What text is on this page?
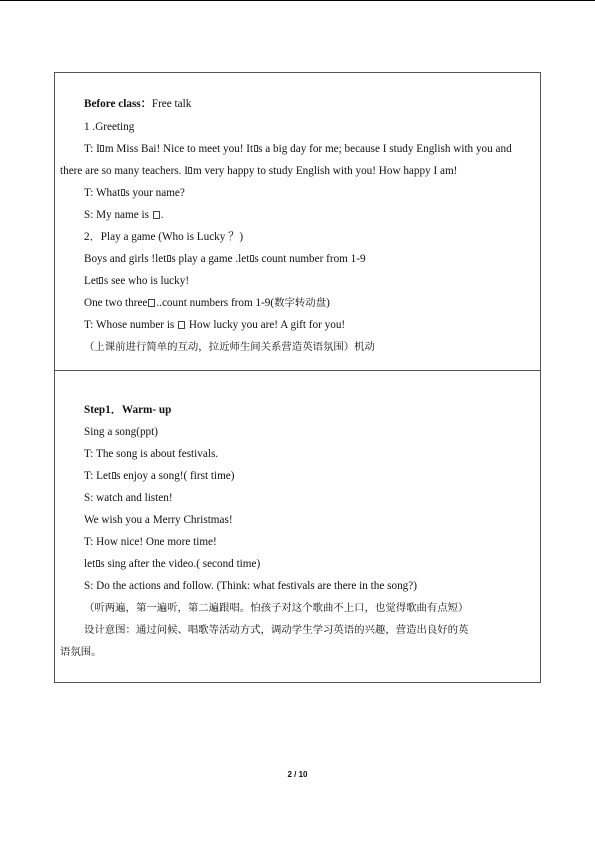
Before class：Free talk
1 .Greeting
T: I m Miss Bai! Nice to meet you! It s a big day for me; because I study English with you and
there are so many teachers. I m very happy to study English with you! How happy I am!
T: What s your name?
S: My name is .
2．Play a game (Who is Lucky ？)
Boys and girls !let s play a game .let s count number from 1-9
Let s see who is lucky!
One two three ..count numbers from 1-9(数字转动盘)
T: Whose number is How lucky you are! A gift for you!
（上课前进行简单的互动，拉近师生间关系营造英语氛围）机动
Step1．Warm- up
Sing a song(ppt)
T: The song is about festivals.
T: Let s enjoy a song!( first time)
S: watch and listen!
We wish you a Merry Christmas!
T: How nice! One more time!
let s sing after the video.( second time)
S: Do the actions and follow. (Think: what festivals are there in the song?)
（听两遍，第一遍听，第二遍跟唱。怕孩子对这个歌曲不上口，也觉得歌曲有点短）
设计意图：通过问候、唱歌等活动方式，调动学生学习英语的兴趣，营造出良好的英
语氛围。
2 / 10
